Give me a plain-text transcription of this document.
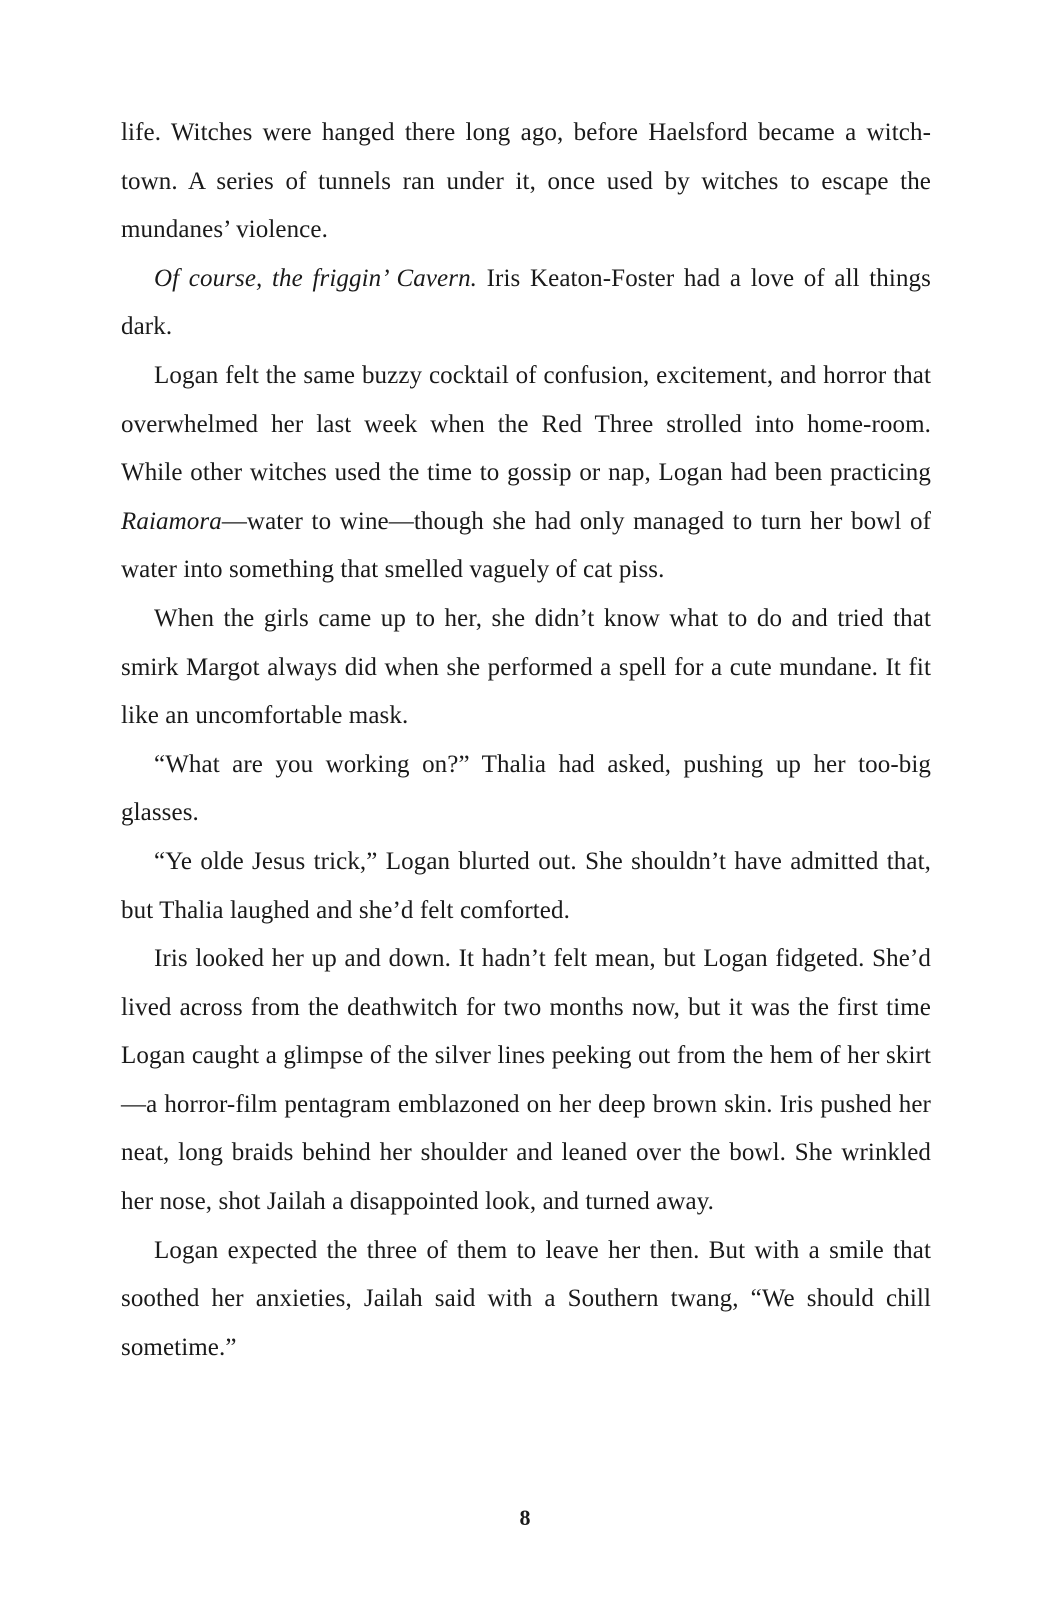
life. Witches were hanged there long ago, before Haelsford became a witch-town. A series of tunnels ran under it, once used by witches to escape the mundanes’ violence.

Of course, the friggin’ Cavern. Iris Keaton-Foster had a love of all things dark.

Logan felt the same buzzy cocktail of confusion, excitement, and horror that overwhelmed her last week when the Red Three strolled into home-room. While other witches used the time to gossip or nap, Logan had been practicing Raiamora—water to wine—though she had only managed to turn her bowl of water into something that smelled vaguely of cat piss.

When the girls came up to her, she didn’t know what to do and tried that smirk Margot always did when she performed a spell for a cute mundane. It fit like an uncomfortable mask.

“What are you working on?” Thalia had asked, pushing up her too-big glasses.

“Ye olde Jesus trick,” Logan blurted out. She shouldn’t have admitted that, but Thalia laughed and she’d felt comforted.

Iris looked her up and down. It hadn’t felt mean, but Logan fidgeted. She’d lived across from the deathwitch for two months now, but it was the first time Logan caught a glimpse of the silver lines peeking out from the hem of her skirt—a horror-film pentagram emblazoned on her deep brown skin. Iris pushed her neat, long braids behind her shoulder and leaned over the bowl. She wrinkled her nose, shot Jailah a disappointed look, and turned away.

Logan expected the three of them to leave her then. But with a smile that soothed her anxieties, Jailah said with a Southern twang, “We should chill sometime.”

8
